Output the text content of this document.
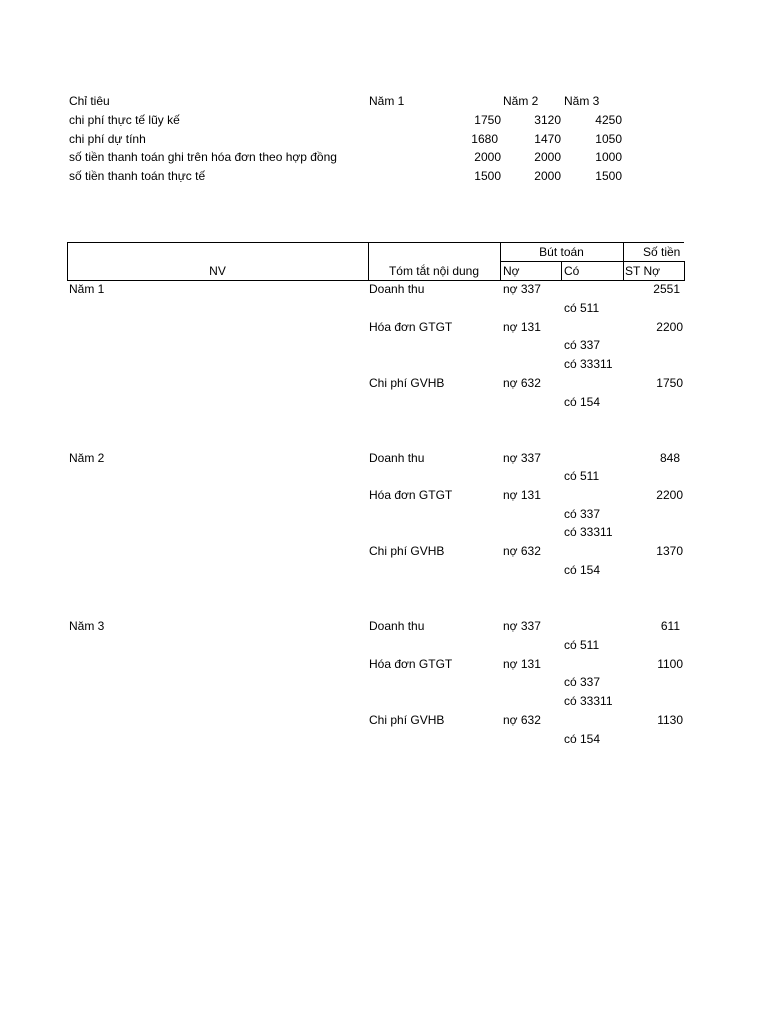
Chỉ tiêu	Năm 1	Năm 2 Năm 3
chi phí thực tế lũy kế	1750	3120	4250
chi phí dự tính	1680	1470	1050
số tiền thanh toán ghi trên hóa đơn theo hợp đồng	2000	2000	1000
số tiền thanh toán thực tế	1500	2000	1500
NV	Tóm tắt nội dung
Bút toán	Số tiền
Nợ	Có	ST Nợ
Năm 1	Doanh thu	nợ 337	2551
có 511
Hóa đơn GTGT	nợ 131	2200
có 337
có 33311
Chi phí GVHB	nợ 632	1750
có 154
Năm 2	Doanh thu	nợ 337	848
có 511
Hóa đơn GTGT	nợ 131	2200
có 337
có 33311
Chi phí GVHB	nợ 632	1370
có 154
Năm 3	Doanh thu	nợ 337	611
có 511
Hóa đơn GTGT	nợ 131	1100
có 337
có 33311
Chi phí GVHB	nợ 632	1130
có 154
